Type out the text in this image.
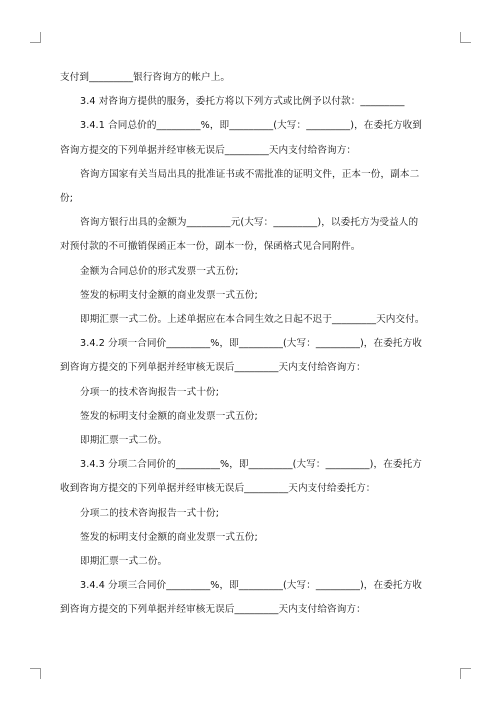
支付到_________银行咨询方的帐户上。
3.4 对咨询方提供的服务，委托方将以下列方式或比例予以付款：_________
3.4.1 合同总价的_________%，即_________(大写：_________)，在委托方收到
咨询方提交的下列单据并经审核无误后_________天内支付给咨询方：
咨询方国家有关当局出具的批准证书或不需批准的证明文件，正本一份，副本二
份;
咨询方银行出具的金额为_________元(大写：_________)，以委托方为受益人的
对预付款的不可撤销保函正本一份，副本一份，保函格式见合同附件。
金额为合同总价的形式发票一式五份;
签发的标明支付金额的商业发票一式五份;
即期汇票一式二份。上述单据应在本合同生效之日起不迟于_________天内交付。
3.4.2 分项一合同价_________%，即_________(大写：_________)，在委托方收
到咨询方提交的下列单据并经审核无误后_________天内支付给咨询方：
分项一的技术咨询报告一式十份;
签发的标明支付金额的商业发票一式五份;
即期汇票一式二份。
3.4.3 分项二合同价的_________%，即_________(大写：_________)，在委托方
收到咨询方提交的下列单据并经审核无误后_________天内支付给委托方：
分项二的技术咨询报告一式十份;
签发的标明支付金额的商业发票一式五份;
即期汇票一式二份。
3.4.4 分项三合同价_________%，即_________(大写：_________)，在委托方收
到咨询方提交的下列单据并经审核无误后_________天内支付给咨询方：
